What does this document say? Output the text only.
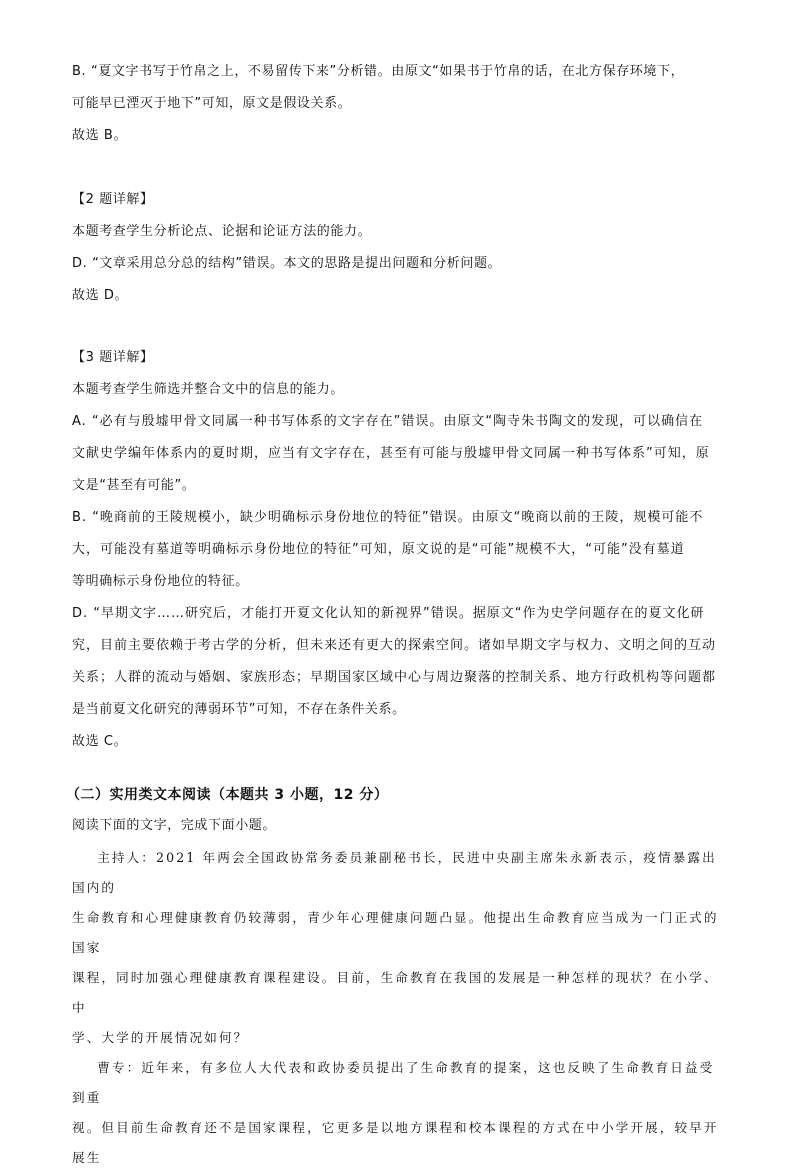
B. “夏文字书写于竹帛之上，不易留传下来”分析错。由原文“如果书于竹帛的话，在北方保存环境下，

可能早已湮灭于地下”可知，原文是假设关系。

故选 B。

【2 题详解】

本题考查学生分析论点、论据和论证方法的能力。

D. “文章采用总分总的结构”错误。本文的思路是提出问题和分析问题。

故选 D。

【3 题详解】

本题考查学生筛选并整合文中的信息的能力。

A. “必有与殷墟甲骨文同属一种书写体系的文字存在”错误。由原文“陶寺朱书陶文的发现，可以确信在

文献史学编年体系内的夏时期，应当有文字存在，甚至有可能与殷墟甲骨文同属一种书写体系”可知，原

文是“甚至有可能”。

B. “晚商前的王陵规模小，缺少明确标示身份地位的特征”错误。由原文“晚商以前的王陵，规模可能不

大，可能没有墓道等明确标示身份地位的特征”可知，原文说的是“可能”规模不大，“可能”没有墓道

等明确标示身份地位的特征。

D. “早期文字……研究后，才能打开夏文化认知的新视界”错误。据原文“作为史学问题存在的夏文化研

究，目前主要依赖于考古学的分析，但未来还有更大的探索空间。诸如早期文字与权力、文明之间的互动

关系；人群的流动与婚姻、家族形态；早期国家区域中心与周边聚落的控制关系、地方行政机构等问题都

是当前夏文化研究的薄弱环节”可知，不存在条件关系。

故选 C。

（二）实用类文本阅读（本题共 3 小题，12 分）

阅读下面的文字，完成下面小题。

主持人：2021 年两会全国政协常务委员兼副秘书长，民进中央副主席朱永新表示，疫情暴露出国内的

生命教育和心理健康教育仍较薄弱，青少年心理健康问题凸显。他提出生命教育应当成为一门正式的国家

课程，同时加强心理健康教育课程建设。目前，生命教育在我国的发展是一种怎样的现状？在小学、中

学、大学的开展情况如何？

曹专：近年来，有多位人大代表和政协委员提出了生命教育的提案，这也反映了生命教育日益受到重

视。但目前生命教育还不是国家课程，它更多是以地方课程和校本课程的方式在中小学开展，较早开展生
